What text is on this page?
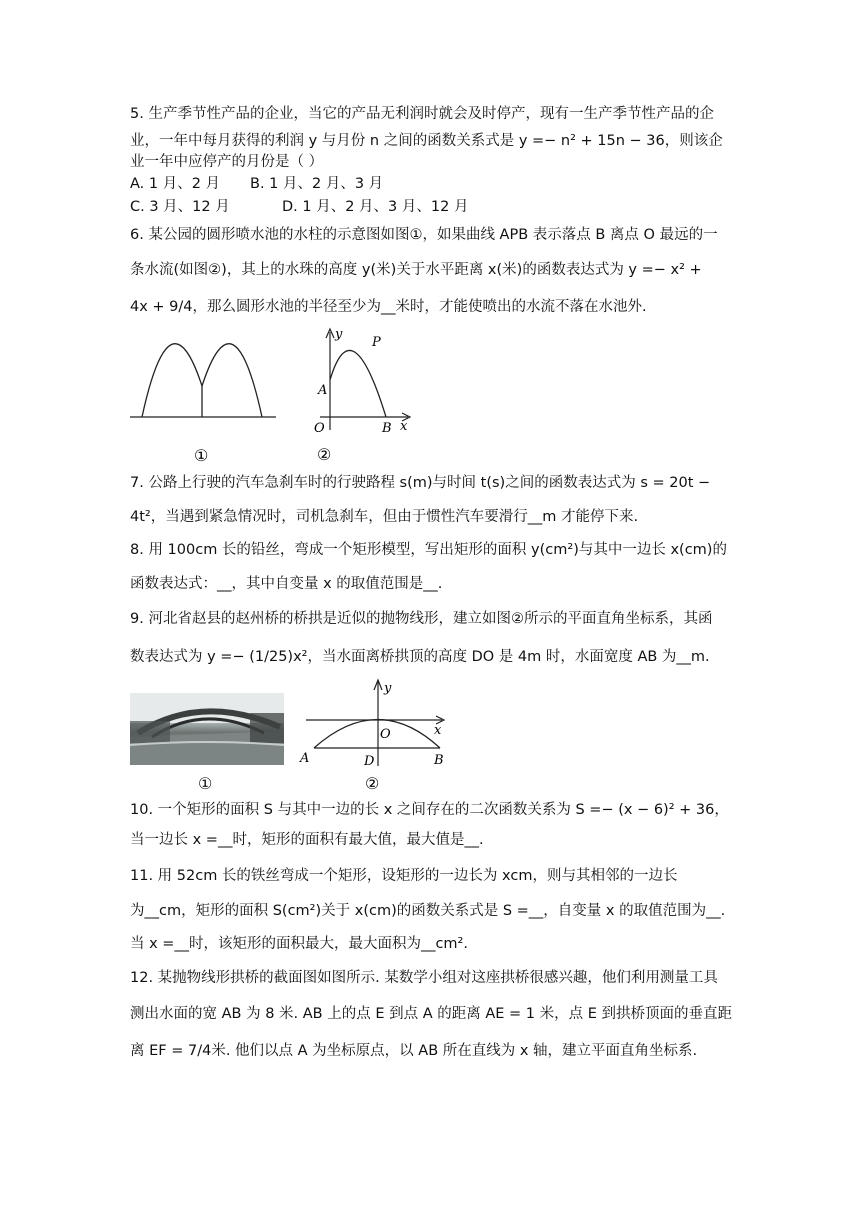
5. 生产季节性产品的企业，当它的产品无利润时就会及时停产，现有一生产季节性产品的企
业，一年中每月获得的利润 y 与月份 n 之间的函数关系式是 y =− n² + 15n − 36，则该企
业一年中应停产的月份是（ ）
A. 1 月、2 月 B. 1 月、2 月、3 月
C. 3 月、12 月	D. 1 月、2 月、3 月、12 月
6. 某公园的圆形喷水池的水柱的示意图如图①，如果曲线 APB 表示落点 B 离点 O 最远的一
条水流(如图②)，其上的水珠的高度 y(米)关于水平距离 x(米)的函数表达式为 y =− x² +
4x + 9/4，那么圆形水池的半径至少为__米时，才能使喷出的水流不落在水池外.
①
y
P
A
O	B x
②
7. 公路上行驶的汽车急刹车时的行驶路程 s(m)与时间 t(s)之间的函数表达式为 s = 20t −
4t²，当遇到紧急情况时，司机急刹车，但由于惯性汽车要滑行__m 才能停下来.
8. 用 100cm 长的铅丝，弯成一个矩形模型，写出矩形的面积 y(cm²)与其中一边长 x(cm)的
函数表达式：__，其中自变量 x 的取值范围是__.
9. 河北省赵县的赵州桥的桥拱是近似的抛物线形，建立如图②所示的平面直角坐标系，其函
数表达式为 y =− (1/25)x²，当水面离桥拱顶的高度 DO 是 4m 时，水面宽度 AB 为__m.
①
y
x
O
A	D	B
②
10. 一个矩形的面积 S 与其中一边的长 x 之间存在的二次函数关系为 S =− (x − 6)² + 36，
当一边长 x =__时，矩形的面积有最大值，最大值是__.
11. 用 52cm 长的铁丝弯成一个矩形，设矩形的一边长为 xcm，则与其相邻的一边长
为__cm，矩形的面积 S(cm²)关于 x(cm)的函数关系式是 S =__，自变量 x 的取值范围为__.
当 x =__时，该矩形的面积最大，最大面积为__cm².
12. 某抛物线形拱桥的截面图如图所示. 某数学小组对这座拱桥很感兴趣，他们利用测量工具
测出水面的宽 AB 为 8 米. AB 上的点 E 到点 A 的距离 AE = 1 米，点 E 到拱桥顶面的垂直距
离 EF = 7/4米. 他们以点 A 为坐标原点，以 AB 所在直线为 x 轴，建立平面直角坐标系.
